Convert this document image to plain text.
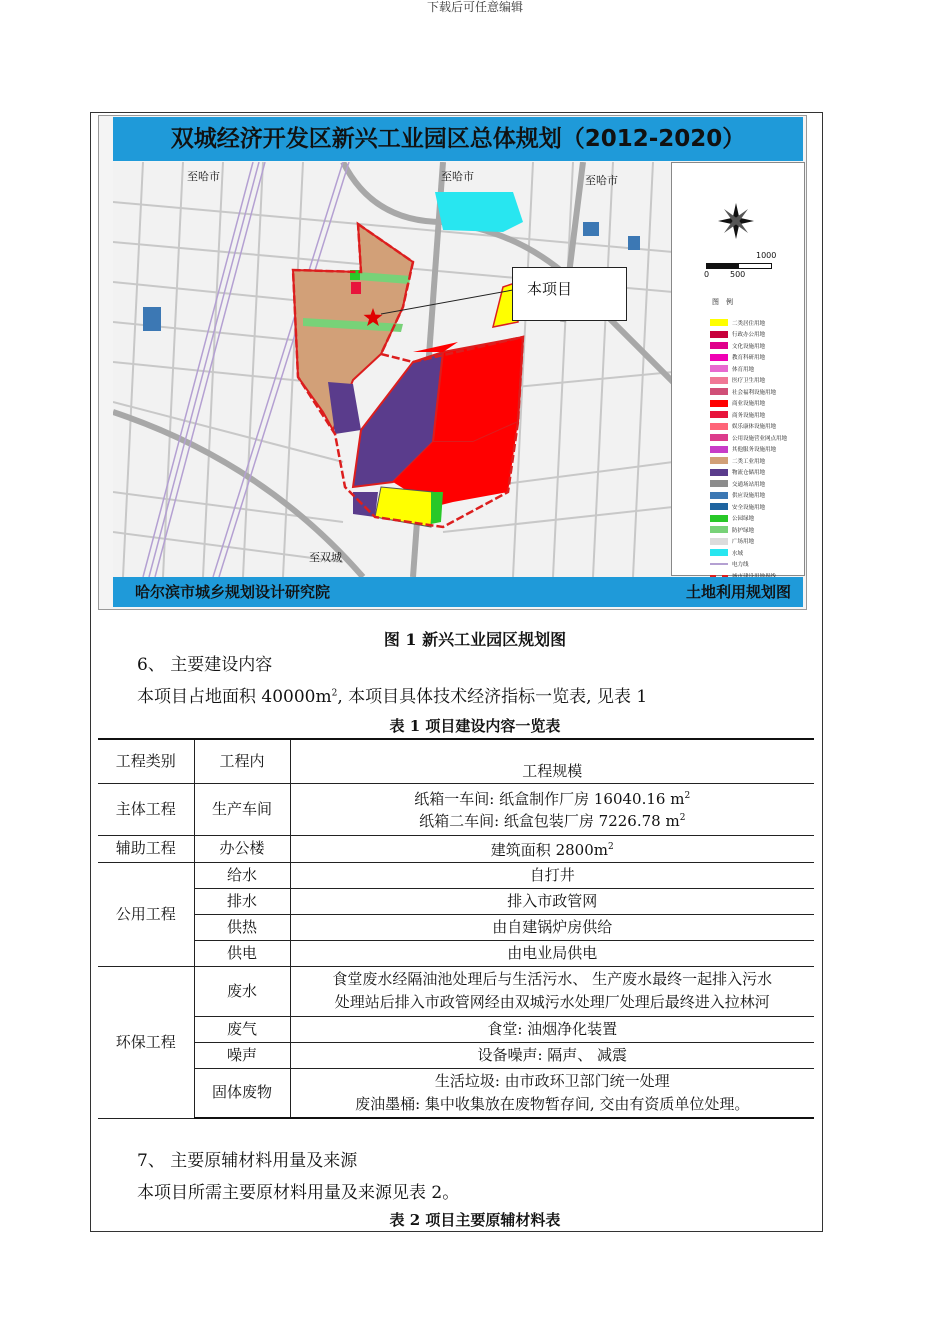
下载后可任意编辑
双城经济开发区新兴工业园区总体规划（2012-2020）
至哈市	至哈市	至哈市
至双城
本项目
1000
0	500
图　例
二类居住用地
行政办公用地
文化设施用地
教育科研用地
体育用地
医疗卫生用地
社会福利设施用地
商业设施用地
商务设施用地
娱乐康体设施用地
公用设施营业网点用地
其他服务设施用地
二类工业用地
物流仓储用地
交通场站用地
供应设施用地
安全设施用地
公园绿地
防护绿地
广场用地
水域
电力线
哈尔滨市城乡规划设计研究院	土地利用规划图
图 1 新兴工业园区规划图
6、 主要建设内容
本项目占地面积 $40000m^2$, 本项目具体技术经济指标一览表, 见表 1
表 1 项目建设内容一览表
工程类别	工程内	工程规模
主体工程	生产车间	纸箱一车间: 纸盒制作厂房 16040.16 $m^2$
纸箱二车间: 纸盒包装厂房 7226.78 $m^2$

辅助工程	办公楼	建筑面积 $2800m^2$
公用工程	给水	自打井
	排水	排入市政管网
	供热	由自建锅炉房供给
	供电	由电业局供电
环保工程	废水	食堂废水经隔油池处理后与生活污水、 生产废水最终一起排入污水
处理站后排入市政管网经由双城污水处理厂处理后最终进入拉林河

	废气	食堂: 油烟净化装置
	噪声	设备噪声: 隔声、 减震
	固体废物	生活垃圾: 由市政环卫部门统一处理
废油墨桶: 集中收集放在废物暂存间, 交由有资质单位处理。
7、 主要原辅材料用量及来源
本项目所需主要原材料用量及来源见表 2。
表 2 项目主要原辅材料表
